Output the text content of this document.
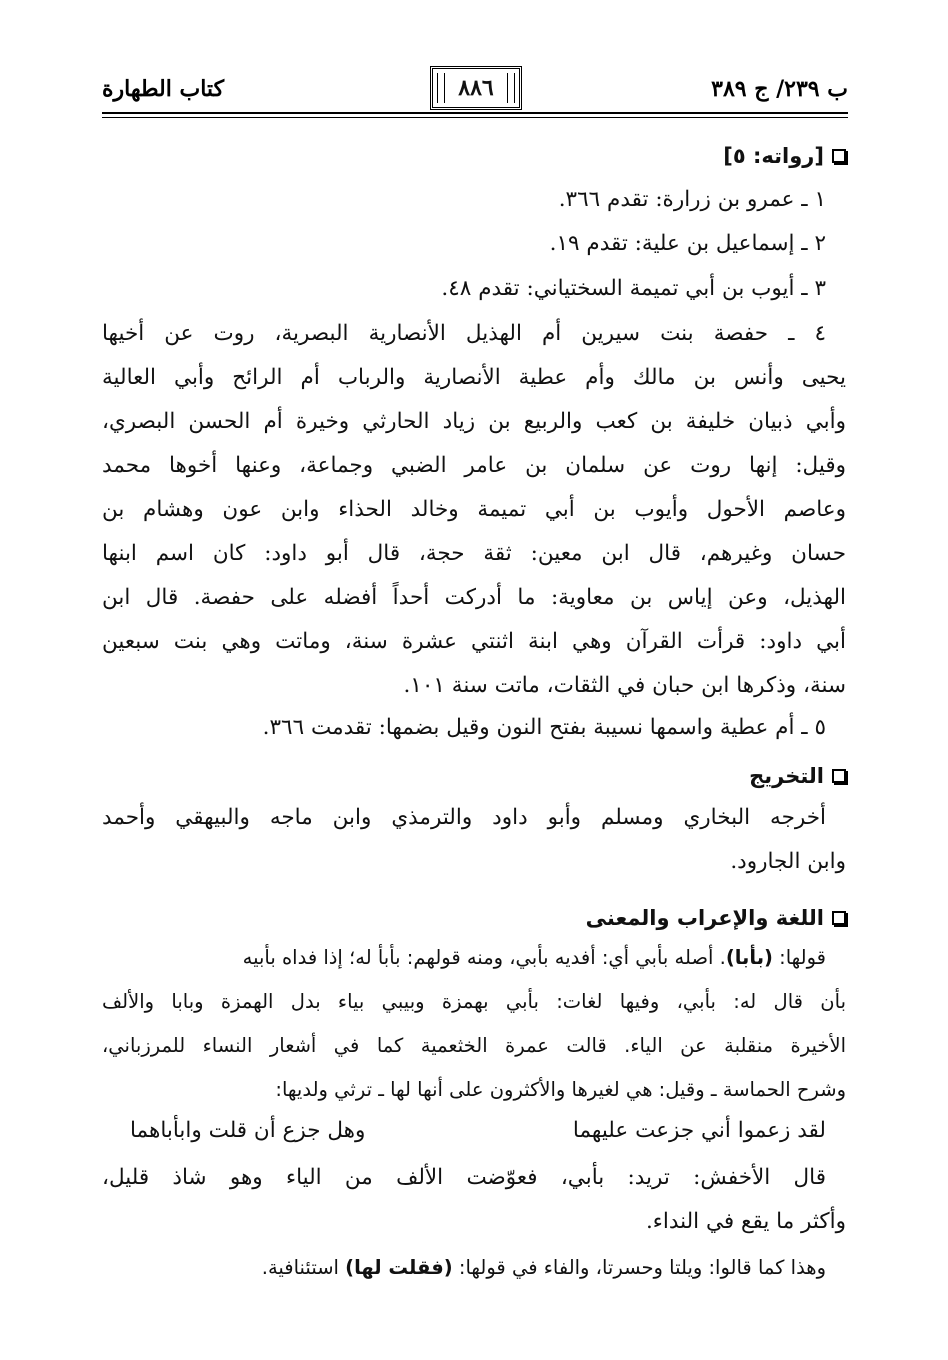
ب ٢٣٩/ ج ٣٨٩
٨٨٦
كتاب الطهارة
[رواته: ٥]
١ ـ عمرو بن زرارة: تقدم ٣٦٦.
٢ ـ إسماعيل بن علية: تقدم ١٩.
٣ ـ أيوب بن أبي تميمة السختياني: تقدم ٤٨.
٤ ـ حفصة بنت سيرين أم الهذيل الأنصارية البصرية، روت عن أخيها
يحيى وأنس بن مالك وأم عطية الأنصارية والرباب أم الرائح وأبي العالية
وأبي ذبيان خليفة بن كعب والربيع بن زياد الحارثي وخيرة أم الحسن البصري،
وقيل: إنها روت عن سلمان بن عامر الضبي وجماعة، وعنها أخوها محمد
وعاصم الأحول وأيوب بن أبي تميمة وخالد الحذاء وابن عون وهشام بن
حسان وغيرهم، قال ابن معين: ثقة حجة، قال أبو داود: كان اسم ابنها
الهذيل، وعن إياس بن معاوية: ما أدركت أحداً أفضله على حفصة. قال ابن
أبي داود: قرأت القرآن وهي ابنة اثنتي عشرة سنة، وماتت وهي بنت سبعين
سنة، وذكرها ابن حبان في الثقات، ماتت سنة ١٠١.
٥ ـ أم عطية واسمها نسيبة بفتح النون وقيل بضمها: تقدمت ٣٦٦.
التخريج
أخرجه البخاري ومسلم وأبو داود والترمذي وابن ماجه والبيهقي وأحمد
وابن الجارود.
اللغة والإعراب والمعنى
قولها: (بأبا). أصله بأبي أي: أفديه بأبي، ومنه قولهم: بأبأ له؛ إذا فداه بأبيه
بأن قال له: بأبي، وفيها لغات: بأبي بهمزة وبيبي بياء بدل الهمزة وبابا والألف
الأخيرة منقلبة عن الياء. قالت عمرة الخثعمية كما في أشعار النساء للمرزباني،
وشرح الحماسة ـ وقيل: هي لغيرها والأكثرون على أنها لها ـ ترثي ولديها:
لقد زعموا أني جزعت عليهما
وهل جزع أن قلت وابأباهما
قال الأخفش: تريد: بأبي، فعوّضت الألف من الياء وهو شاذ قليل،
وأكثر ما يقع في النداء.
وهذا كما قالوا: ويلتا وحسرتا، والفاء في قولها: (فقلت لها) استئنافية.
